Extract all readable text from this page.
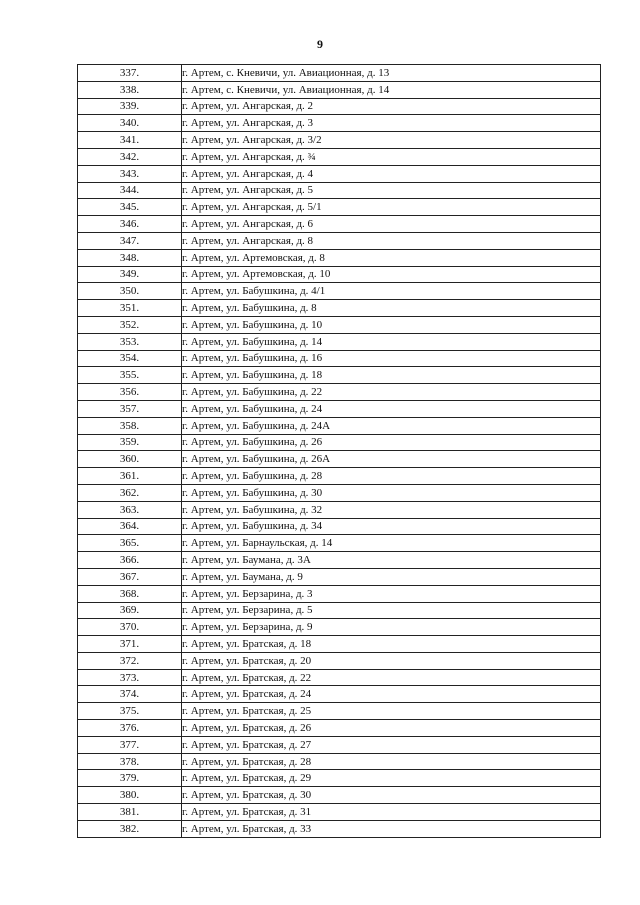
9
337.	г. Артем, с. Кневичи, ул. Авиационная, д. 13
338.	г. Артем, с. Кневичи, ул. Авиационная, д. 14
339.	г. Артем, ул. Ангарская, д. 2
340.	г. Артем, ул. Ангарская, д. 3
341.	г. Артем, ул. Ангарская, д. 3/2
342.	г. Артем, ул. Ангарская, д. ¾
343.	г. Артем, ул. Ангарская, д. 4
344.	г. Артем, ул. Ангарская, д. 5
345.	г. Артем, ул. Ангарская, д. 5/1
346.	г. Артем, ул. Ангарская, д. 6
347.	г. Артем, ул. Ангарская, д. 8
348.	г. Артем, ул. Артемовская, д. 8
349.	г. Артем, ул. Артемовская, д. 10
350.	г. Артем, ул. Бабушкина, д. 4/1
351.	г. Артем, ул. Бабушкина, д. 8
352.	г. Артем, ул. Бабушкина, д. 10
353.	г. Артем, ул. Бабушкина, д. 14
354.	г. Артем, ул. Бабушкина, д. 16
355.	г. Артем, ул. Бабушкина, д. 18
356.	г. Артем, ул. Бабушкина, д. 22
357.	г. Артем, ул. Бабушкина, д. 24
358.	г. Артем, ул. Бабушкина, д. 24А
359.	г. Артем, ул. Бабушкина, д. 26
360.	г. Артем, ул. Бабушкина, д. 26А
361.	г. Артем, ул. Бабушкина, д. 28
362.	г. Артем, ул. Бабушкина, д. 30
363.	г. Артем, ул. Бабушкина, д. 32
364.	г. Артем, ул. Бабушкина, д. 34
365.	г. Артем, ул. Барнаульская, д. 14
366.	г. Артем, ул. Баумана, д. 3А
367.	г. Артем, ул. Баумана, д. 9
368.	г. Артем, ул. Берзарина, д. 3
369.	г. Артем, ул. Берзарина, д. 5
370.	г. Артем, ул. Берзарина, д. 9
371.	г. Артем, ул. Братская, д. 18
372.	г. Артем, ул. Братская, д. 20
373.	г. Артем, ул. Братская, д. 22
374.	г. Артем, ул. Братская, д. 24
375.	г. Артем, ул. Братская, д. 25
376.	г. Артем, ул. Братская, д. 26
377.	г. Артем, ул. Братская, д. 27
378.	г. Артем, ул. Братская, д. 28
379.	г. Артем, ул. Братская, д. 29
380.	г. Артем, ул. Братская, д. 30
381.	г. Артем, ул. Братская, д. 31
382.	г. Артем, ул. Братская, д. 33
